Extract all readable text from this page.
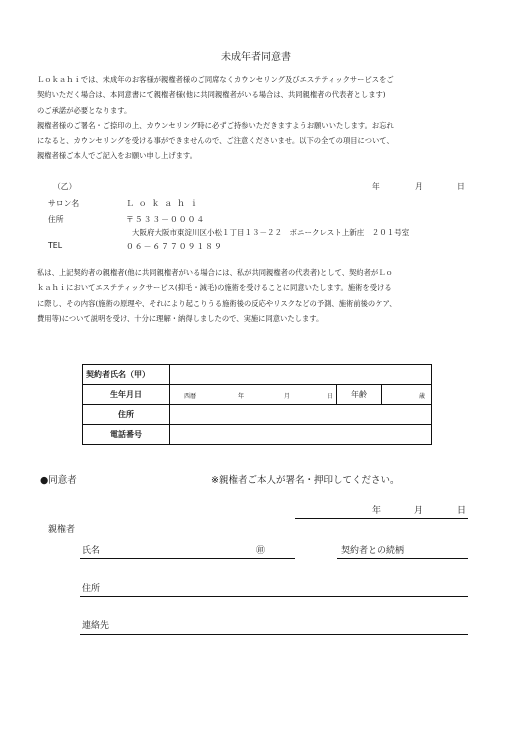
未成年者同意書
Ｌｏｋａｈｉでは、未成年のお客様が親権者様のご同席なくカウンセリング及びエステティックサービスをご
契約いただく場合は、本同意書にて親権者様(他に共同親権者がいる場合は、共同親権者の代表者とします)
のご承諾が必要となります。
親権者様のご署名・ご捺印の上、カウンセリング時に必ずご持参いただきますようお願いいたします。お忘れ
になると、カウンセリングを受ける事ができませんので、ご注意くださいませ。以下の全ての項目について、
親権者様ご本人でご記入をお願い申し上げます。
（乙）	年	月	日
サロン名	Ｌｏｋａｈｉ
住所	〒５３３－０００４
大阪府大阪市東淀川区小松１丁目１３－２２　ボニークレスト上新庄　２０１号室
TEL	０６－６７７０９１８９
私は、上記契約者の親権者(他に共同親権者がいる場合には、私が共同親権者の代表者)として、契約者がＬｏ
ｋａｈｉにおいてエステティックサービス(抑毛・減毛)の施術を受けることに同意いたします。施術を受ける
に際し、その内容(施術の原理や、それにより起こりうる施術後の反応やリスクなどの予測、施術前後のケア、
費用等)について説明を受け、十分に理解・納得しましたので、実施に同意いたします。
契約者氏名（甲）			
生年月日	西暦 年 月 日	年齢	歳

住所			
電話番号			
●同意者	※親権者ご本人が署名・押印してください。
年	月	日
親権者
氏名	㊞	契約者との続柄
住所
連絡先
